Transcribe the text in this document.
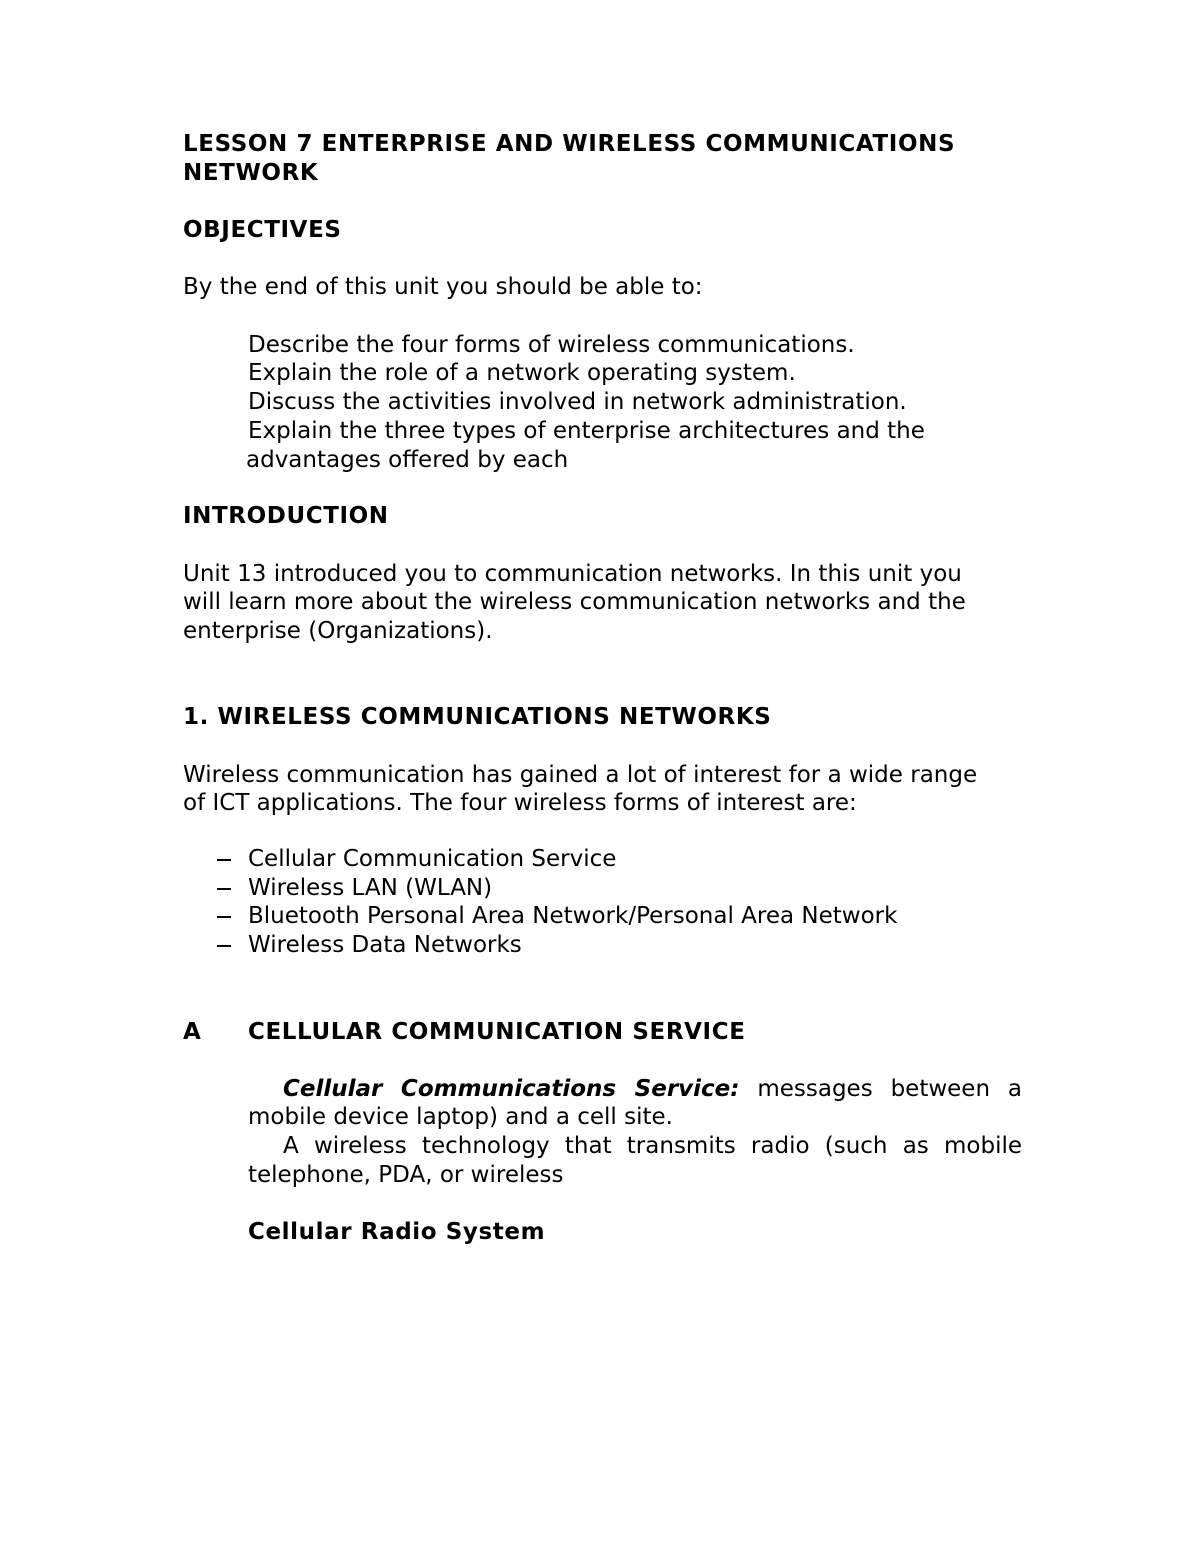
LESSON 7 ENTERPRISE AND WIRELESS COMMUNICATIONS
NETWORK
OBJECTIVES
By the end of this unit you should be able to:
Describe the four forms of wireless communications.
Explain the role of a network operating system.
Discuss the activities involved in network administration.
Explain the three types of enterprise architectures and the
advantages offered by each
INTRODUCTION
Unit 13 introduced you to communication networks. In this unit you
will learn more about the wireless communication networks and the
enterprise (Organizations).
1. WIRELESS COMMUNICATIONS NETWORKS
Wireless communication has gained a lot of interest for a wide range
of ICT applications. The four wireless forms of interest are:
Cellular Communication Service
Wireless LAN (WLAN)
Bluetooth Personal Area Network/Personal Area Network
Wireless Data Networks
A CELLULAR COMMUNICATION SERVICE
Cellular Communications Service: messages between a
mobile device laptop) and a cell site.
A wireless technology that transmits radio (such as mobile
telephone, PDA, or wireless
Cellular Radio System
